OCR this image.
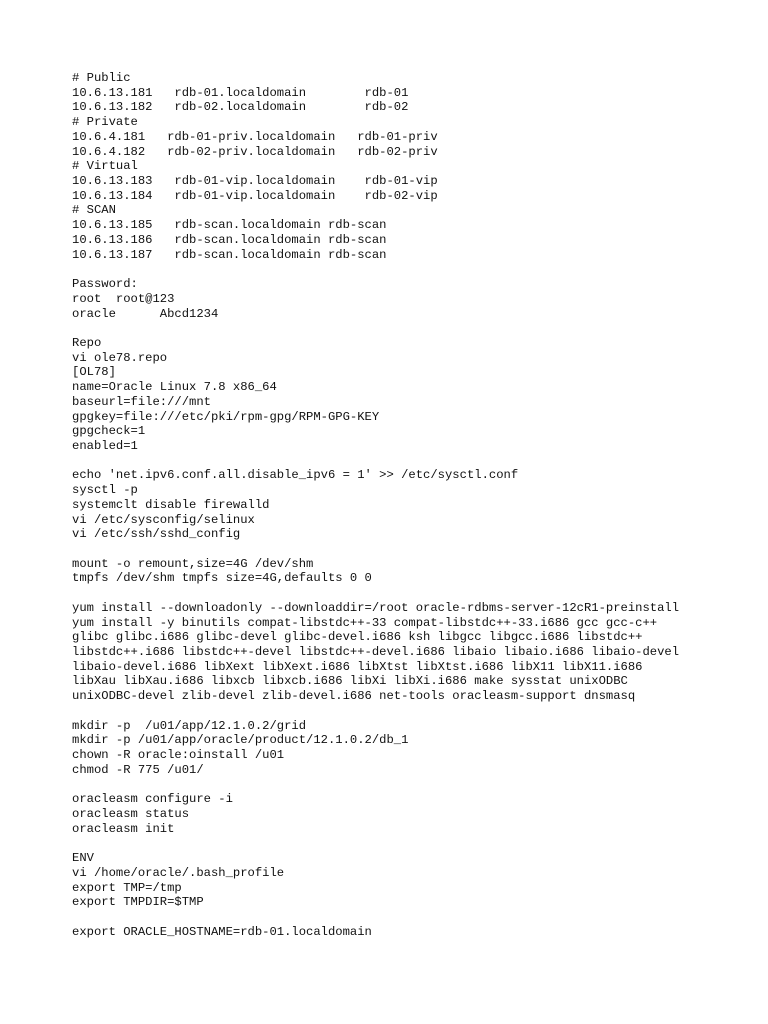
# Public
10.6.13.181   rdb-01.localdomain        rdb-01
10.6.13.182   rdb-02.localdomain        rdb-02
# Private
10.6.4.181   rdb-01-priv.localdomain   rdb-01-priv
10.6.4.182   rdb-02-priv.localdomain   rdb-02-priv
# Virtual
10.6.13.183   rdb-01-vip.localdomain    rdb-01-vip
10.6.13.184   rdb-01-vip.localdomain    rdb-02-vip
# SCAN
10.6.13.185   rdb-scan.localdomain rdb-scan
10.6.13.186   rdb-scan.localdomain rdb-scan
10.6.13.187   rdb-scan.localdomain rdb-scan
Password:
root  root@123
oracle      Abcd1234
Repo
vi ole78.repo
[OL78]
name=Oracle Linux 7.8 x86_64
baseurl=file:///mnt
gpgkey=file:///etc/pki/rpm-gpg/RPM-GPG-KEY
gpgcheck=1
enabled=1
echo 'net.ipv6.conf.all.disable_ipv6 = 1' >> /etc/sysctl.conf
sysctl -p
systemclt disable firewalld
vi /etc/sysconfig/selinux
vi /etc/ssh/sshd_config
mount -o remount,size=4G /dev/shm
tmpfs /dev/shm tmpfs size=4G,defaults 0 0
yum install --downloadonly --downloaddir=/root oracle-rdbms-server-12cR1-preinstall
yum install -y binutils compat-libstdc++-33 compat-libstdc++-33.i686 gcc gcc-c++
glibc glibc.i686 glibc-devel glibc-devel.i686 ksh libgcc libgcc.i686 libstdc++
libstdc++.i686 libstdc++-devel libstdc++-devel.i686 libaio libaio.i686 libaio-devel
libaio-devel.i686 libXext libXext.i686 libXtst libXtst.i686 libX11 libX11.i686
libXau libXau.i686 libxcb libxcb.i686 libXi libXi.i686 make sysstat unixODBC
unixODBC-devel zlib-devel zlib-devel.i686 net-tools oracleasm-support dnsmasq
mkdir -p  /u01/app/12.1.0.2/grid
mkdir -p /u01/app/oracle/product/12.1.0.2/db_1
chown -R oracle:oinstall /u01
chmod -R 775 /u01/
oracleasm configure -i
oracleasm status
oracleasm init
ENV
vi /home/oracle/.bash_profile
export TMP=/tmp
export TMPDIR=$TMP
export ORACLE_HOSTNAME=rdb-01.localdomain
